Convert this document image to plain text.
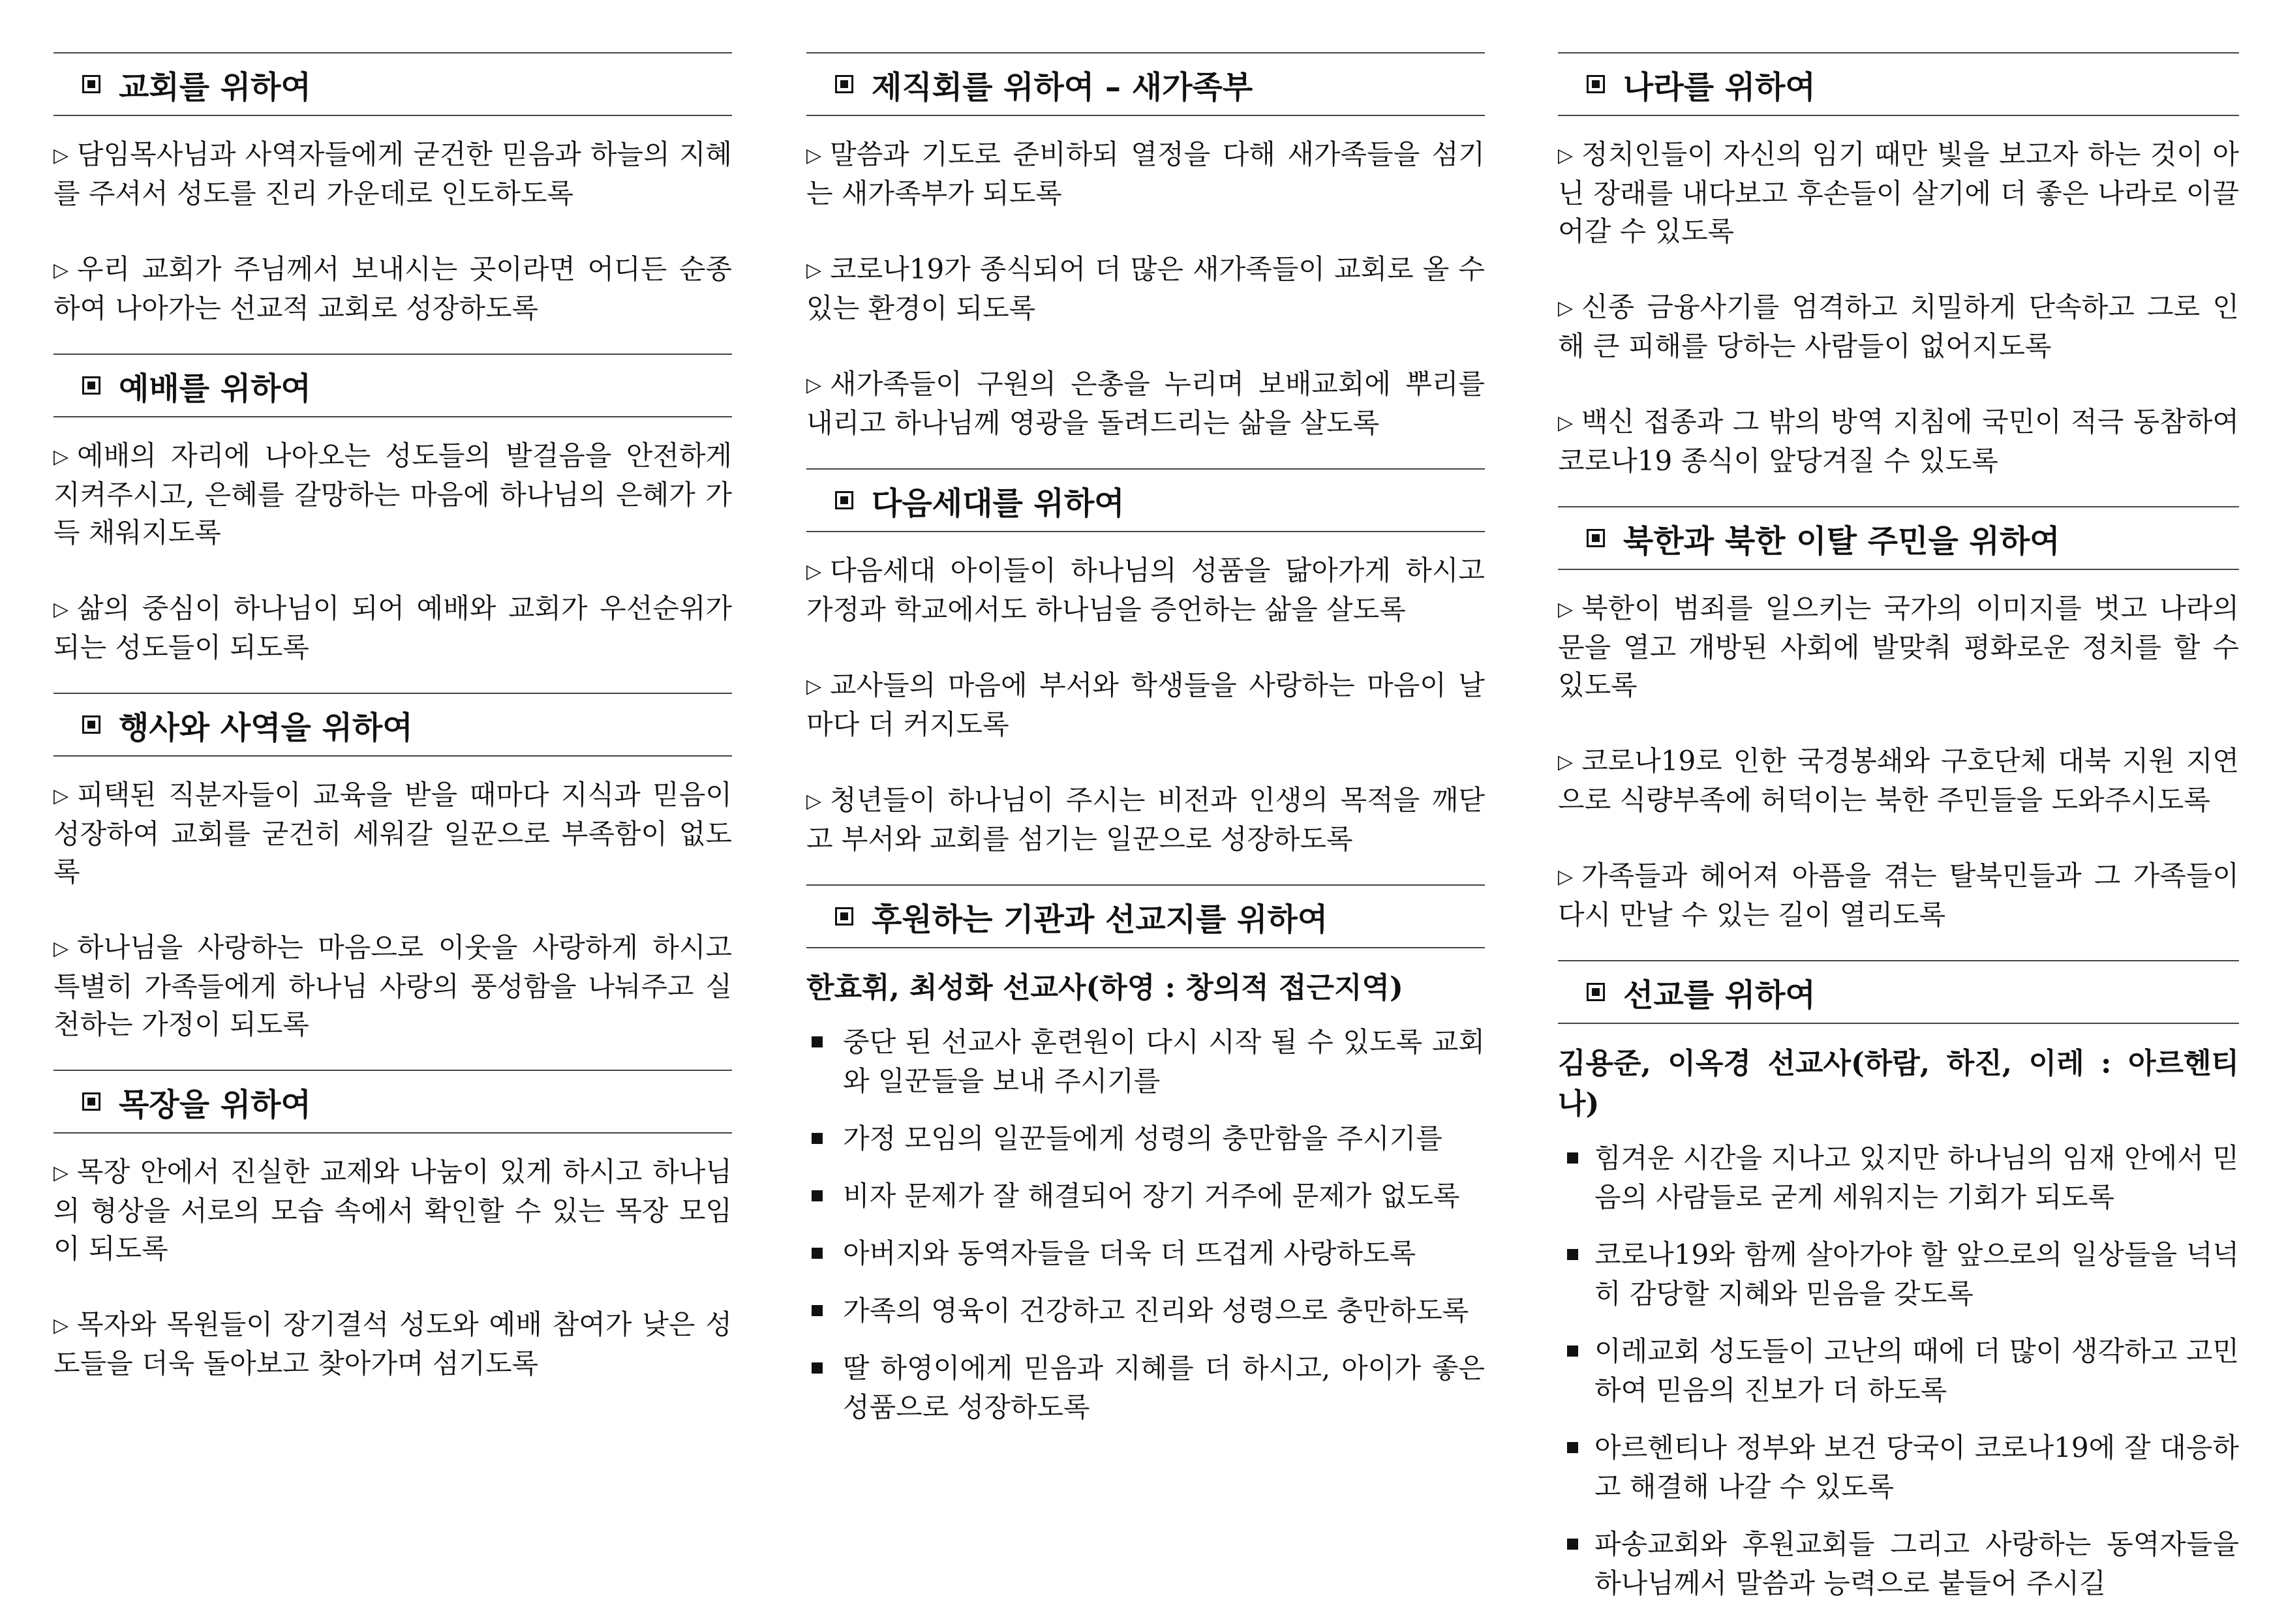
교회를 위하여

▷ 담임목사님과 사역자들에게 굳건한 믿음과 하늘의 지혜를 주셔서 성도를 진리 가운데로 인도하도록

▷ 우리 교회가 주님께서 보내시는 곳이라면 어디든 순종하여 나아가는 선교적 교회로 성장하도록

예배를 위하여

▷ 예배의 자리에 나아오는 성도들의 발걸음을 안전하게 지켜주시고, 은혜를 갈망하는 마음에 하나님의 은혜가 가득 채워지도록

▷ 삶의 중심이 하나님이 되어 예배와 교회가 우선순위가 되는 성도들이 되도록

행사와 사역을 위하여

▷ 피택된 직분자들이 교육을 받을 때마다 지식과 믿음이 성장하여 교회를 굳건히 세워갈 일꾼으로 부족함이 없도록

▷ 하나님을 사랑하는 마음으로 이웃을 사랑하게 하시고 특별히 가족들에게 하나님 사랑의 풍성함을 나눠주고 실천하는 가정이 되도록

목장을 위하여

▷ 목장 안에서 진실한 교제와 나눔이 있게 하시고 하나님의 형상을 서로의 모습 속에서 확인할 수 있는 목장 모임이 되도록

▷ 목자와 목원들이 장기결석 성도와 예배 참여가 낮은 성도들을 더욱 돌아보고 찾아가며 섬기도록

제직회를 위하여 – 새가족부

▷ 말씀과 기도로 준비하되 열정을 다해 새가족들을 섬기는 새가족부가 되도록

▷ 코로나19가 종식되어 더 많은 새가족들이 교회로 올 수 있는 환경이 되도록

▷ 새가족들이 구원의 은총을 누리며 보배교회에 뿌리를 내리고 하나님께 영광을 돌려드리는 삶을 살도록

다음세대를 위하여

▷ 다음세대 아이들이 하나님의 성품을 닮아가게 하시고 가정과 학교에서도 하나님을 증언하는 삶을 살도록

▷ 교사들의 마음에 부서와 학생들을 사랑하는 마음이 날마다 더 커지도록

▷ 청년들이 하나님이 주시는 비전과 인생의 목적을 깨닫고 부서와 교회를 섬기는 일꾼으로 성장하도록

후원하는 기관과 선교지를 위하여
한효휘, 최성화 선교사(하영 : 창의적 접근지역)

중단 된 선교사 훈련원이 다시 시작 될 수 있도록 교회와 일꾼들을 보내 주시기를

가정 모임의 일꾼들에게 성령의 충만함을 주시기를

비자 문제가 잘 해결되어 장기 거주에 문제가 없도록

아버지와 동역자들을 더욱 더 뜨겁게 사랑하도록

가족의 영육이 건강하고 진리와 성령으로 충만하도록

딸 하영이에게 믿음과 지혜를 더 하시고, 아이가 좋은 성품으로 성장하도록

나라를 위하여

▷ 정치인들이 자신의 임기 때만 빛을 보고자 하는 것이 아닌 장래를 내다보고 후손들이 살기에 더 좋은 나라로 이끌어갈 수 있도록

▷ 신종 금융사기를 엄격하고 치밀하게 단속하고 그로 인해 큰 피해를 당하는 사람들이 없어지도록

▷ 백신 접종과 그 밖의 방역 지침에 국민이 적극 동참하여 코로나19 종식이 앞당겨질 수 있도록

북한과 북한 이탈 주민을 위하여

▷ 북한이 범죄를 일으키는 국가의 이미지를 벗고 나라의 문을 열고 개방된 사회에 발맞춰 평화로운 정치를 할 수 있도록

▷ 코로나19로 인한 국경봉쇄와 구호단체 대북 지원 지연으로 식량부족에 허덕이는 북한 주민들을 도와주시도록

▷ 가족들과 헤어져 아픔을 겪는 탈북민들과 그 가족들이 다시 만날 수 있는 길이 열리도록

선교를 위하여
김용준, 이옥경 선교사(하람, 하진, 이레 : 아르헨티나)

힘겨운 시간을 지나고 있지만 하나님의 임재 안에서 믿음의 사람들로 굳게 세워지는 기회가 되도록

코로나19와 함께 살아가야 할 앞으로의 일상들을 넉넉히 감당할 지혜와 믿음을 갖도록

이레교회 성도들이 고난의 때에 더 많이 생각하고 고민하여 믿음의 진보가 더 하도록

아르헨티나 정부와 보건 당국이 코로나19에 잘 대응하고 해결해 나갈 수 있도록

파송교회와 후원교회들 그리고 사랑하는 동역자들을 하나님께서 말씀과 능력으로 붙들어 주시길
